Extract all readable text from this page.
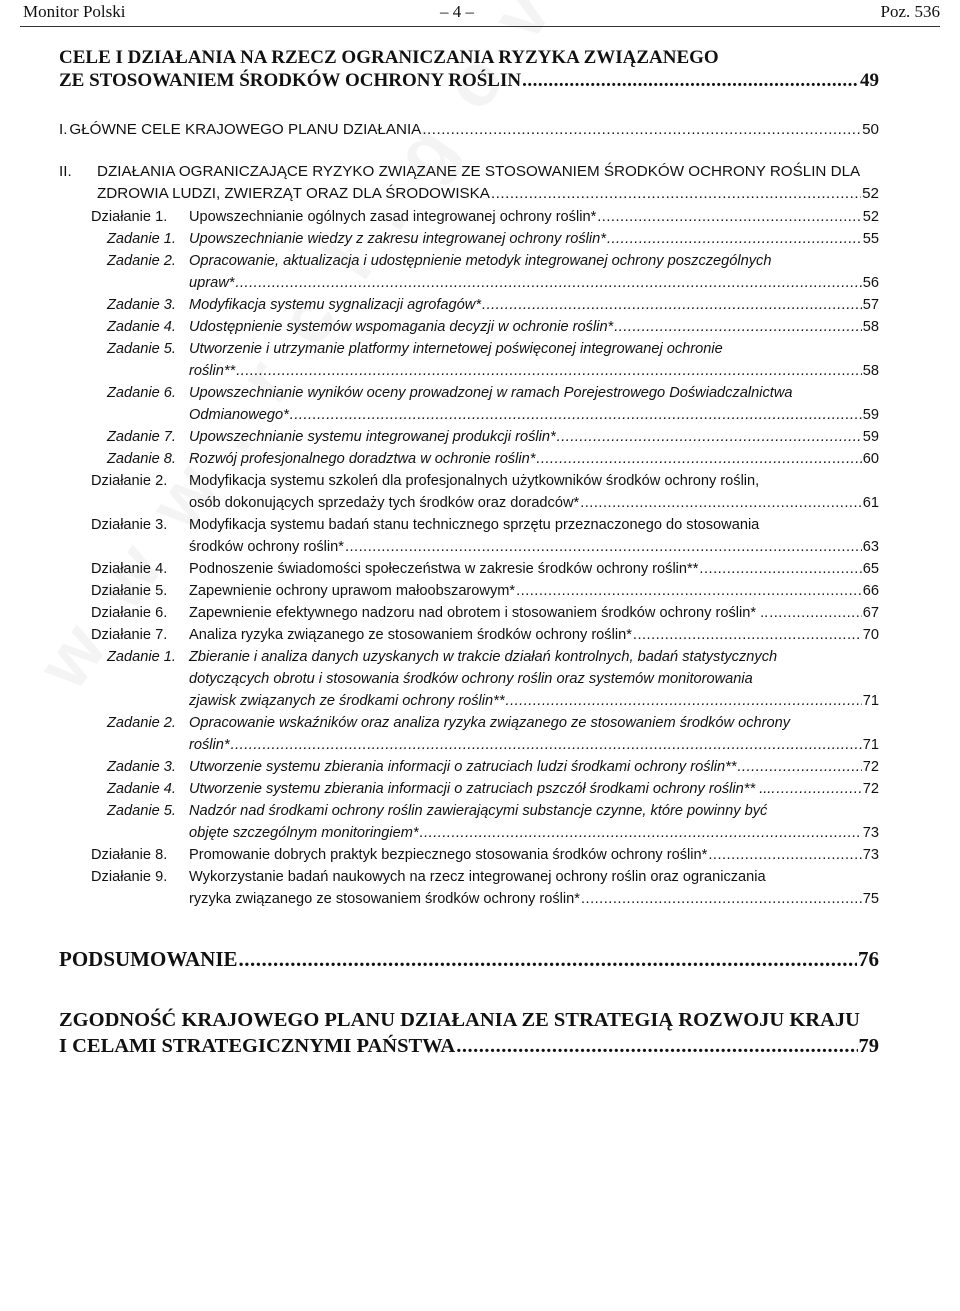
Monitor Polski	– 4 –	Poz. 536
CELE I DZIAŁANIA NA RZECZ OGRANICZANIA RYZYKA ZWIĄZANEGO
ZE STOSOWANIEM ŚRODKÓW OCHRONY ROŚLIN .....	49
I. GŁÓWNE CELE KRAJOWEGO PLANU DZIAŁANIA .....	50
II. DZIAŁANIA OGRANICZAJĄCE RYZYKO ZWIĄZANE ZE STOSOWANIEM ŚRODKÓW OCHRONY ROŚLIN DLA
ZDROWIA LUDZI, ZWIERZĄT ORAZ DLA ŚRODOWISKA .....	52
Działanie 1. Upowszechnianie ogólnych zasad integrowanej ochrony roślin* .....	52
Zadanie 1. Upowszechnianie wiedzy z zakresu integrowanej ochrony roślin* .....	55
Zadanie 2. Opracowanie, aktualizacja i udostępnienie metodyk integrowanej ochrony poszczególnych
upraw* .....	56
Zadanie 3. Modyfikacja systemu sygnalizacji agrofagów* .....	57
Zadanie 4. Udostępnienie systemów wspomagania decyzji w ochronie roślin* .....	58
Zadanie 5. Utworzenie i utrzymanie platformy internetowej poświęconej integrowanej ochronie
roślin** .....	58
Zadanie 6. Upowszechnianie wyników oceny prowadzonej w ramach Porejestrowego Doświadczalnictwa
Odmianowego* .....	59
Zadanie 7. Upowszechnianie systemu integrowanej produkcji roślin* .....	59
Zadanie 8. Rozwój profesjonalnego doradztwa w ochronie roślin* .....	60
Działanie 2. Modyfikacja systemu szkoleń dla profesjonalnych użytkowników środków ochrony roślin,
osób dokonujących sprzedaży tych środków oraz doradców* .....	61
Działanie 3. Modyfikacja systemu badań stanu technicznego sprzętu przeznaczonego do stosowania
środków ochrony roślin* .....	63
Działanie 4. Podnoszenie świadomości społeczeństwa w zakresie środków ochrony roślin** .....	65
Działanie 5. Zapewnienie ochrony uprawom małoobszarowym* .....	66
Działanie 6. Zapewnienie efektywnego nadzoru nad obrotem i stosowaniem środków ochrony roślin* .. .....	67
Działanie 7. Analiza ryzyka związanego ze stosowaniem środków ochrony roślin* .....	70
Zadanie 1. Zbieranie i analiza danych uzyskanych w trakcie działań kontrolnych, badań statystycznych
dotyczących obrotu i stosowania środków ochrony roślin oraz systemów monitorowania
zjawisk związanych ze środkami ochrony roślin** .....	71
Zadanie 2. Opracowanie wskaźników oraz analiza ryzyka związanego ze stosowaniem środków ochrony
roślin* .....	71
Zadanie 3. Utworzenie systemu zbierania informacji o zatruciach ludzi środkami ochrony roślin** .....	72
Zadanie 4. Utworzenie systemu zbierania informacji o zatruciach pszczół środkami ochrony roślin** .... .....	72
Zadanie 5. Nadzór nad środkami ochrony roślin zawierającymi substancje czynne, które powinny być
objęte szczególnym monitoringiem* .....	73
Działanie 8. Promowanie dobrych praktyk bezpiecznego stosowania środków ochrony roślin* .....	73
Działanie 9. Wykorzystanie badań naukowych na rzecz integrowanej ochrony roślin oraz ograniczania
ryzyka związanego ze stosowaniem środków ochrony roślin* .....	75
PODSUMOWANIE .....	76
ZGODNOŚĆ KRAJOWEGO PLANU DZIAŁANIA ZE STRATEGIĄ ROZWOJU KRAJU
I CELAMI STRATEGICZNYMI PAŃSTWA .....	79
